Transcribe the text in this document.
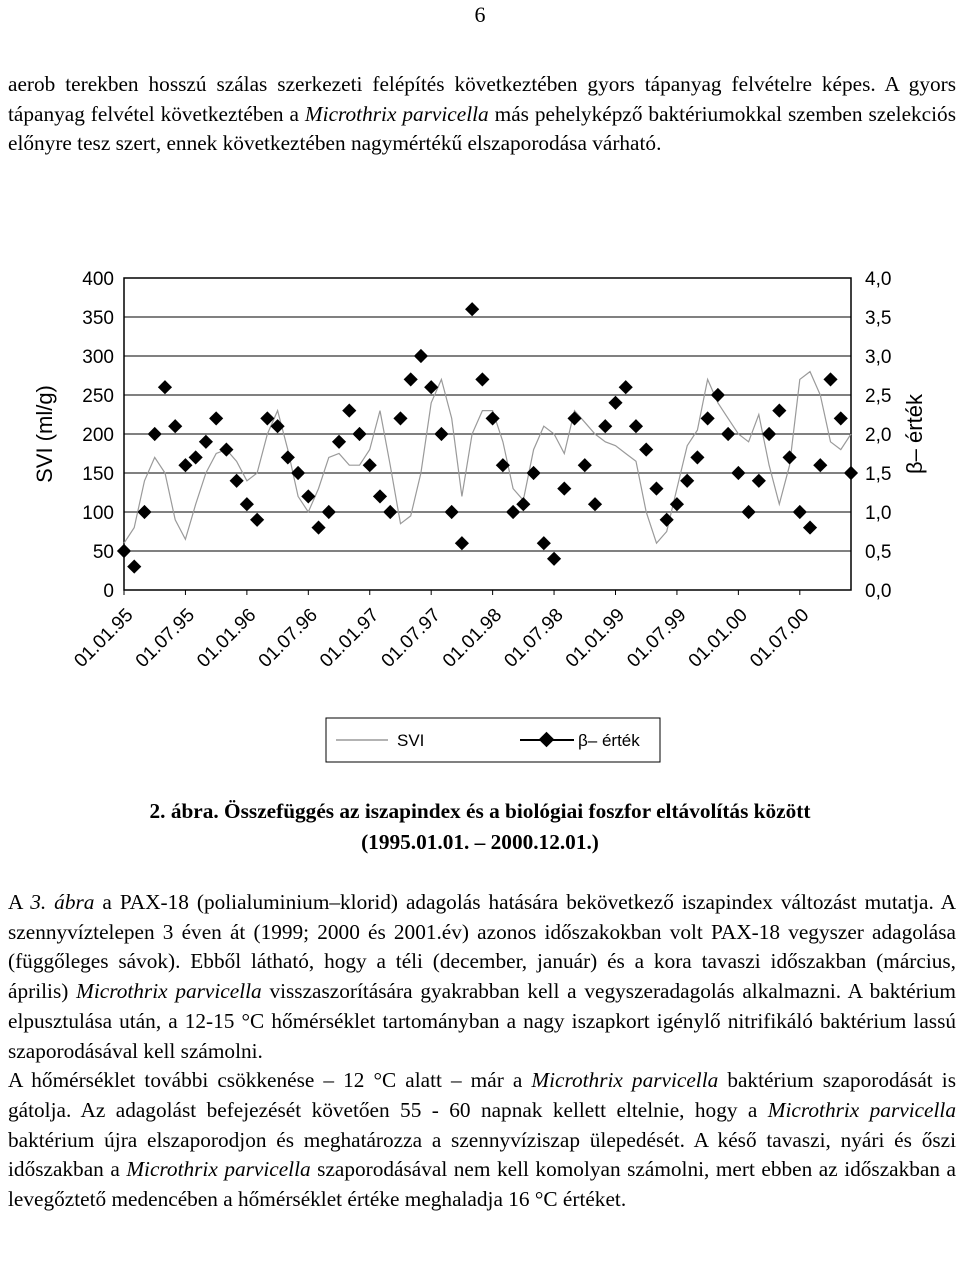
6

aerob terekben hosszú szálas szerkezeti felépítés következtében gyors tápanyag felvételre képes. A gyors tápanyag felvétel következtében a Microthrix parvicella más pehelyképző baktériumokkal szemben szelekciós előnyre tesz szert, ennek következtében nagymértékű elszaporodása várható.

0
50
100
150
200
250
300
350
400
0,0
0,5
1,0
1,5
2,0
2,5
3,0
3,5
4,0
01.01.95
01.07.95
01.01.96
01.07.96
01.01.97
01.07.97
01.01.98
01.07.98
01.01.99
01.07.99
01.01.00
01.07.00
SVI (ml/g)	β– érték
SVI	β– érték
2. ábra. Összefüggés az iszapindex és a biológiai foszfor eltávolítás között
(1995.01.01. – 2000.12.01.)

A 3. ábra a PAX-18 (polialuminium–klorid) adagolás hatására bekövetkező iszapindex változást mutatja. A szennyvíztelepen 3 éven át (1999; 2000 és 2001.év) azonos időszakokban volt PAX-18 vegyszer adagolása (függőleges sávok). Ebből látható, hogy a téli (december, január) és a kora tavaszi időszakban (március, április) Microthrix parvicella visszaszorítására gyakrabban kell a vegyszeradagolás alkalmazni. A baktérium elpusztulása után, a 12-15 °C hőmérséklet tartományban a nagy iszapkort igénylő nitrifikáló baktérium lassú szaporodásával kell számolni.
A hőmérséklet további csökkenése – 12 °C alatt – már a Microthrix parvicella baktérium szaporodását is gátolja. Az adagolást befejezését követően 55 - 60 napnak kellett eltelnie, hogy a Microthrix parvicella baktérium újra elszaporodjon és meghatározza a szennyvíziszap ülepedését. A késő tavaszi, nyári és őszi időszakban a Microthrix parvicella szaporodásával nem kell komolyan számolni, mert ebben az időszakban a levegőztető medencében a hőmérséklet értéke meghaladja 16 °C értéket.
